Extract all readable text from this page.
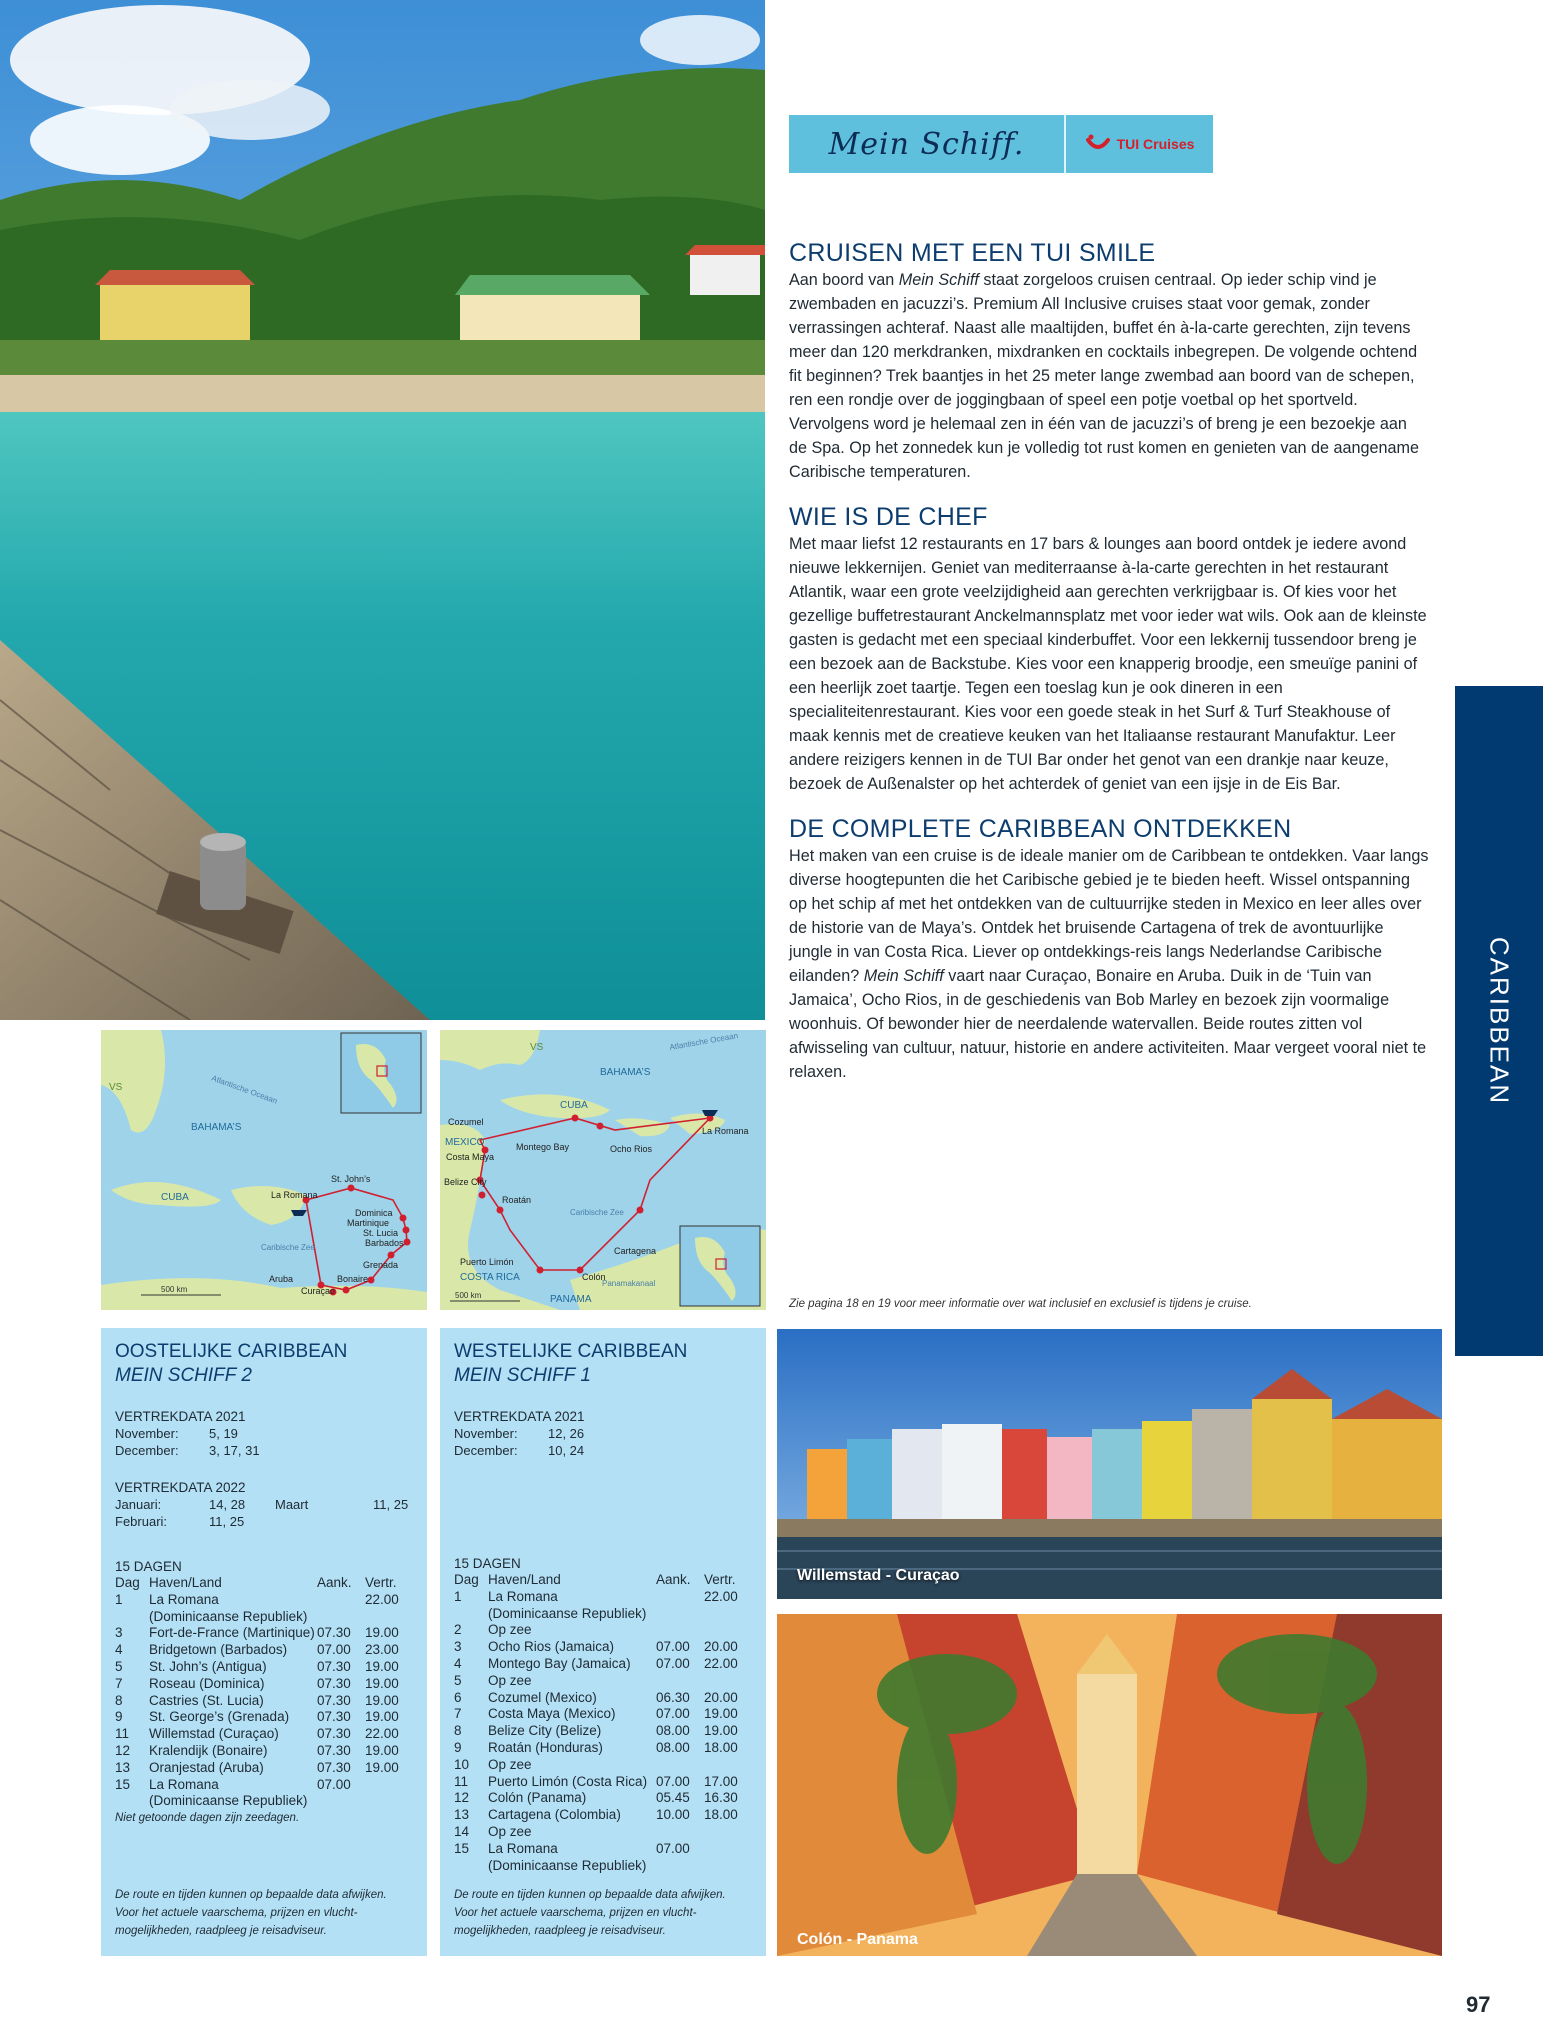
Mein Schiff.	TUI Cruises
CRUISEN MET EEN TUI SMILE

Aan boord van Mein Schiff staat zorgeloos cruisen centraal. Op ieder schip vind je zwembaden en jacuzzi’s. Premium All Inclusive cruises staat voor gemak, zonder verrassingen achteraf. Naast alle maaltijden, buffet én à-la-carte gerechten, zijn tevens meer dan 120 merkdranken, mixdranken en cocktails inbegrepen. De volgende ochtend fit beginnen? Trek baantjes in het 25 meter lange zwembad aan boord van de schepen, ren een rondje over de joggingbaan of speel een potje voetbal op het sportveld. Vervolgens word je helemaal zen in één van de jacuzzi’s of breng je een bezoekje aan de Spa. Op het zonnedek kun je volledig tot rust komen en genieten van de aangename Caribische temperaturen.

WIE IS DE CHEF

Met maar liefst 12 restaurants en 17 bars & lounges aan boord ontdek je iedere avond nieuwe lekkernijen. Geniet van mediterraanse à-la-carte gerechten in het restaurant Atlantik, waar een grote veelzijdigheid aan gerechten verkrijgbaar is. Of kies voor het gezellige buffetrestaurant Anckelmannsplatz met voor ieder wat wils. Ook aan de kleinste gasten is gedacht met een speciaal kinderbuffet. Voor een lekkernij tussendoor breng je een bezoek aan de Backstube. Kies voor een knapperig broodje, een smeuïge panini of een heerlijk zoet taartje. Tegen een toeslag kun je ook dineren in een specialiteitenrestaurant. Kies voor een goede steak in het Surf & Turf Steakhouse of maak kennis met de creatieve keuken van het Italiaanse restaurant Manufaktur. Leer andere reizigers kennen in de TUI Bar onder het genot van een drankje naar keuze, bezoek de Außenalster op het achterdek of geniet van een ijsje in de Eis Bar.

DE COMPLETE CARIBBEAN ONTDEKKEN

Het maken van een cruise is de ideale manier om de Caribbean te ontdekken. Vaar langs diverse hoogtepunten die het Caribische gebied je te bieden heeft. Wissel ontspanning op het schip af met het ontdekken van de cultuurrijke steden in Mexico en leer alles over de historie van de Maya’s. Ontdek het bruisende Cartagena of trek de avontuurlijke jungle in van Costa Rica. Liever op ontdekkings-reis langs Nederlandse Caribische eilanden? Mein Schiff vaart naar Curaçao, Bonaire en Aruba. Duik in de ‘Tuin van Jamaica’, Ocho Rios, in de geschiedenis van Bob Marley en bezoek zijn voormalige woonhuis. Of bewonder hier de neerdalende watervallen. Beide routes zitten vol afwisseling van cultuur, natuur, historie en andere activiteiten. Maar vergeet vooral niet te relaxen.	CARIBBEAN
VS	Atlantische Oceaan
BAHAMA’S
CUBA
Caribische Zee
500 km
La Romana
St. John’s
Dominica
Martinique
St. Lucia
Barbados
Grenada
Bonaire
Aruba
Curaçao
VS	Atlantische Oceaan
BAHAMA’S
CUBA
MEXICO
Caribische Zee
COSTA RICA
PANAMA
Panamakanaal
500 km
Cozumel
Costa Maya
Belize City
Roatán
Montego Bay	Ocho Rios
La Romana
Cartagena
Puerto Limón
Colón
OOSTELIJKE CARIBBEAN
MEIN SCHIFF 2
VERTREKDATA 2021
November:	5, 19
December:	3, 17, 31
VERTREKDATA 2022
Januari:	14, 28	Maart	11, 25
Februari:	11, 25
15 DAGEN
Dag	Haven/Land	Aank.	Vertr.
1	La Romana		22.00
	(Dominicaanse Republiek)		
3	Fort-de-France (Martinique)	07.30	19.00
4	Bridgetown (Barbados)	07.00	23.00
5	St. John’s (Antigua)	07.30	19.00
7	Roseau (Dominica)	07.30	19.00
8	Castries (St. Lucia)	07.30	19.00
9	St. George’s (Grenada)	07.30	19.00
11	Willemstad (Curaçao)	07.30	22.00
12	Kralendijk (Bonaire)	07.30	19.00
13	Oranjestad (Aruba)	07.30	19.00
15	La Romana	07.00	
	(Dominicaanse Republiek)		
Niet getoonde dagen zijn zeedagen.
De route en tijden kunnen op bepaalde data afwijken. Voor het actuele vaarschema, prijzen en vlucht-mogelijkheden, raadpleeg je reisadviseur.
WESTELIJKE CARIBBEAN
MEIN SCHIFF 1
VERTREKDATA 2021
November:	12, 26
December:	10, 24
15 DAGEN
Dag	Haven/Land	Aank.	Vertr.
1	La Romana		22.00
	(Dominicaanse Republiek)		
2	Op zee		
3	Ocho Rios (Jamaica)	07.00	20.00
4	Montego Bay (Jamaica)	07.00	22.00
5	Op zee		
6	Cozumel (Mexico)	06.30	20.00
7	Costa Maya (Mexico)	07.00	19.00
8	Belize City (Belize)	08.00	19.00
9	Roatán (Honduras)	08.00	18.00
10	Op zee		
11	Puerto Limón (Costa Rica)	07.00	17.00
12	Colón (Panama)	05.45	16.30
13	Cartagena (Colombia)	10.00	18.00
14	Op zee		
15	La Romana	07.00	
	(Dominicaanse Republiek)		
De route en tijden kunnen op bepaalde data afwijken. Voor het actuele vaarschema, prijzen en vlucht-mogelijkheden, raadpleeg je reisadviseur.
Zie pagina 18 en 19 voor meer informatie over wat inclusief en exclusief is tijdens je cruise.
Willemstad - Curaçao
Colón - Panama
97
